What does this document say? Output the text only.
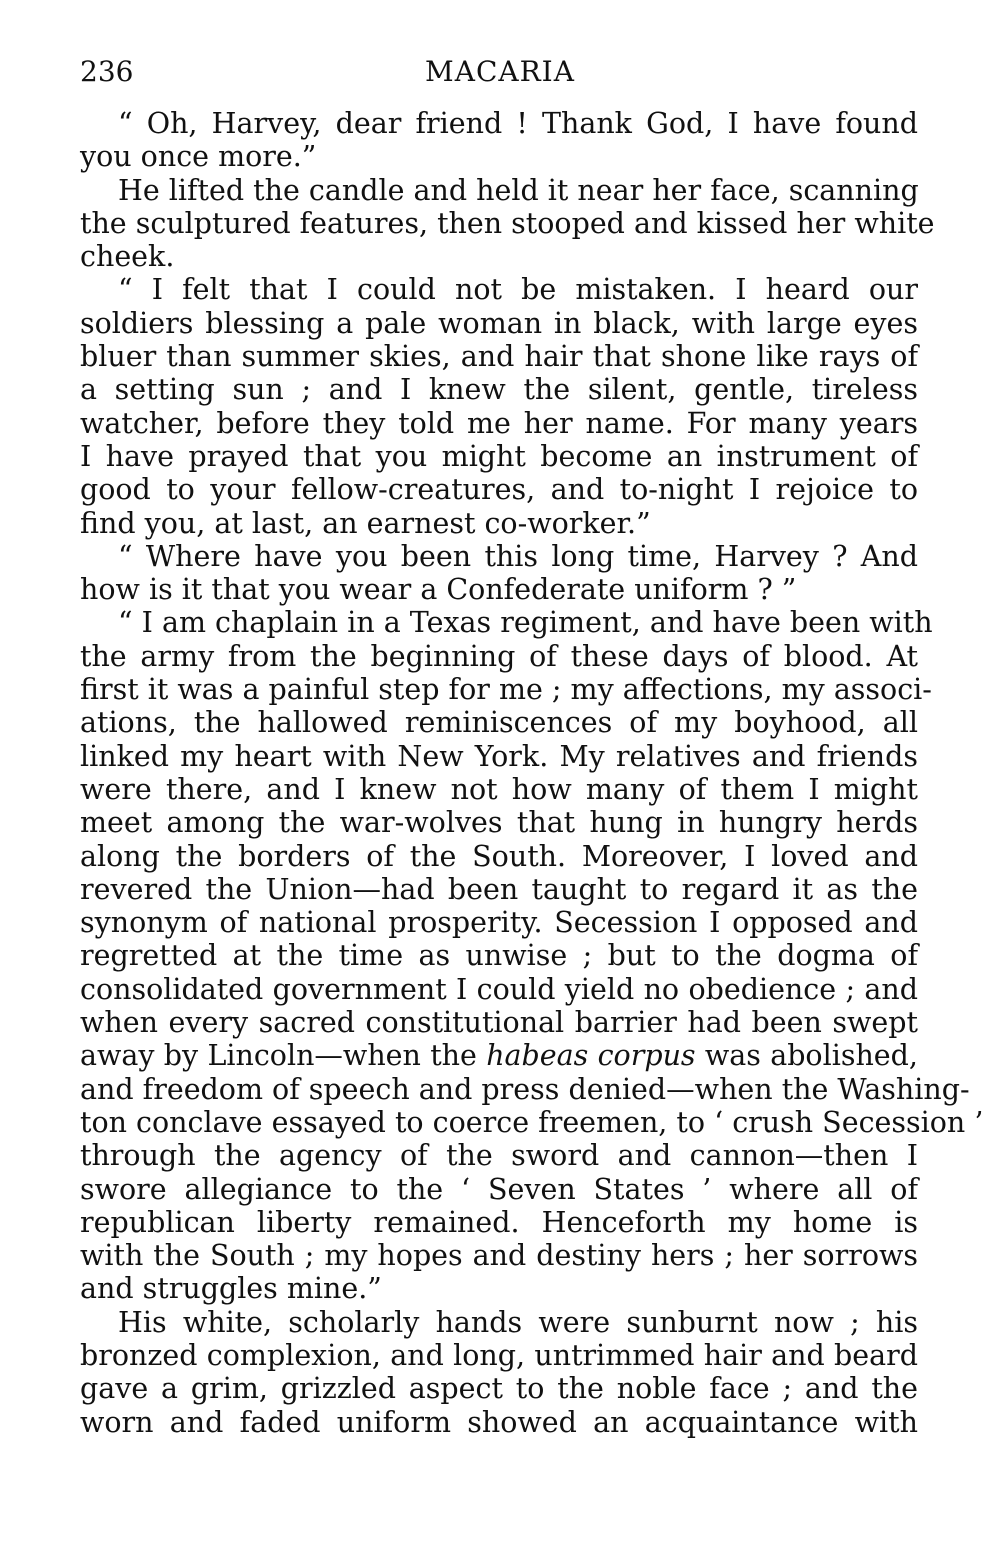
236	MACARIA
“ Oh, Harvey, dear friend ! Thank God, I have found
you once more.”
He lifted the candle and held it near her face, scanning
the sculptured features, then stooped and kissed her white
cheek.
“ I felt that I could not be mistaken. I heard our
soldiers blessing a pale woman in black, with large eyes
bluer than summer skies, and hair that shone like rays of
a setting sun ; and I knew the silent, gentle, tireless
watcher, before they told me her name. For many years
I have prayed that you might become an instrument of
good to your fellow-creatures, and to-night I rejoice to
find you, at last, an earnest co-worker.”
“ Where have you been this long time, Harvey ? And
how is it that you wear a Confederate uniform ? ”
“ I am chaplain in a Texas regiment, and have been with
the army from the beginning of these days of blood. At
first it was a painful step for me ; my affections, my associ-
ations, the hallowed reminiscences of my boyhood, all
linked my heart with New York. My relatives and friends
were there, and I knew not how many of them I might
meet among the war-wolves that hung in hungry herds
along the borders of the South. Moreover, I loved and
revered the Union—had been taught to regard it as the
synonym of national prosperity. Secession I opposed and
regretted at the time as unwise ; but to the dogma of
consolidated government I could yield no obedience ; and
when every sacred constitutional barrier had been swept
away by Lincoln—when the habeas corpus was abolished,
and freedom of speech and press denied—when the Washing-
ton conclave essayed to coerce freemen, to ‘ crush Secession ’
through the agency of the sword and cannon—then I
swore allegiance to the ‘ Seven States ’ where all of
republican liberty remained. Henceforth my home is
with the South ; my hopes and destiny hers ; her sorrows
and struggles mine.”
His white, scholarly hands were sunburnt now ; his
bronzed complexion, and long, untrimmed hair and beard
gave a grim, grizzled aspect to the noble face ; and the
worn and faded uniform showed an acquaintance with
